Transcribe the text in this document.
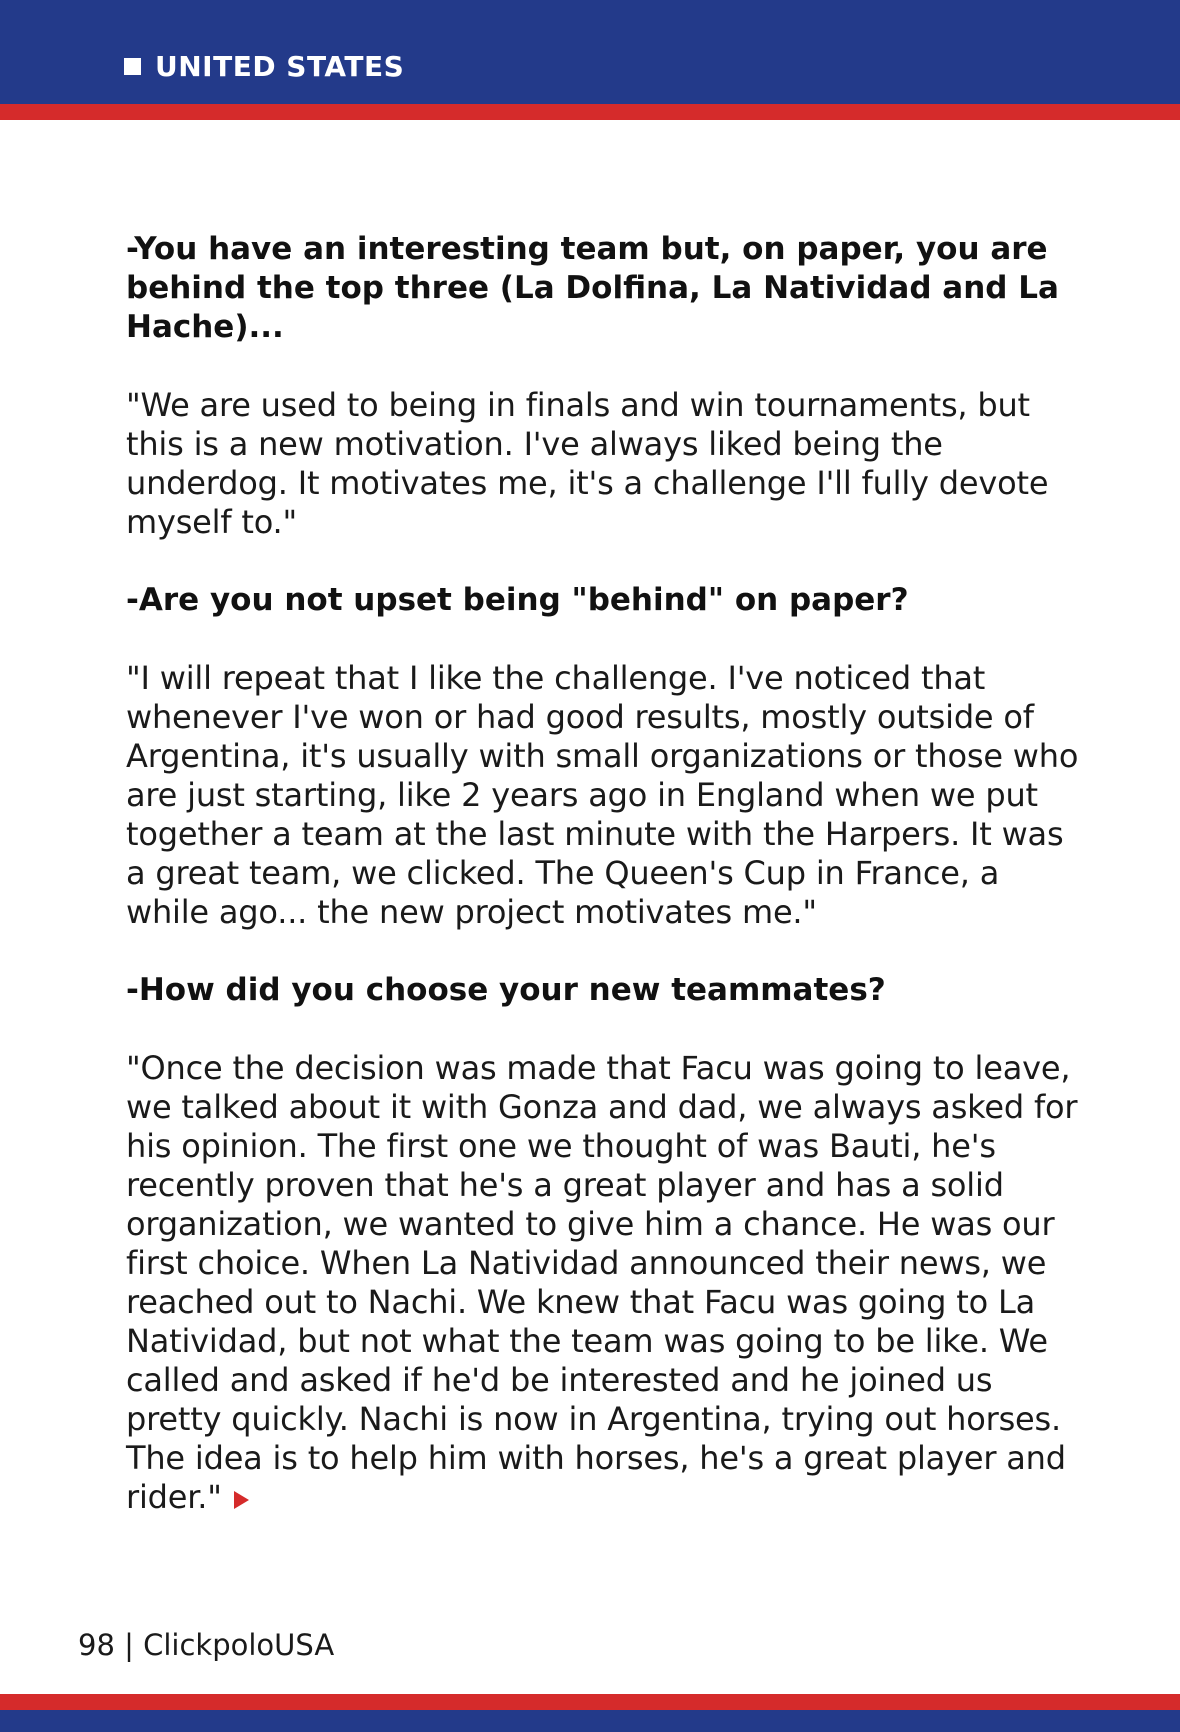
UNITED STATES

-You have an interesting team but, on paper, you are behind the top three (La Dolfina, La Natividad and La Hache)...

"We are used to being in finals and win tournaments, but this is a new motivation. I've always liked being the underdog. It motivates me, it's a challenge I'll fully devote myself to."

-Are you not upset being "behind" on paper?

"I will repeat that I like the challenge. I've noticed that whenever I've won or had good results, mostly outside of Argentina, it's usually with small organizations or those who are just starting, like 2 years ago in England when we put together a team at the last minute with the Harpers. It was a great team, we clicked. The Queen's Cup in France, a while ago... the new project motivates me."

-How did you choose your new teammates?

"Once the decision was made that Facu was going to leave, we talked about it with Gonza and dad, we always asked for his opinion. The first one we thought of was Bauti, he's recently proven that he's a great player and has a solid organization, we wanted to give him a chance. He was our first choice. When La Natividad announced their news, we reached out to Nachi. We knew that Facu was going to La Natividad, but not what the team was going to be like. We called and asked if he'd be interested and he joined us pretty quickly. Nachi is now in Argentina, trying out horses. The idea is to help him with horses, he's a great player and rider."

98 | ClickpoloUSA
